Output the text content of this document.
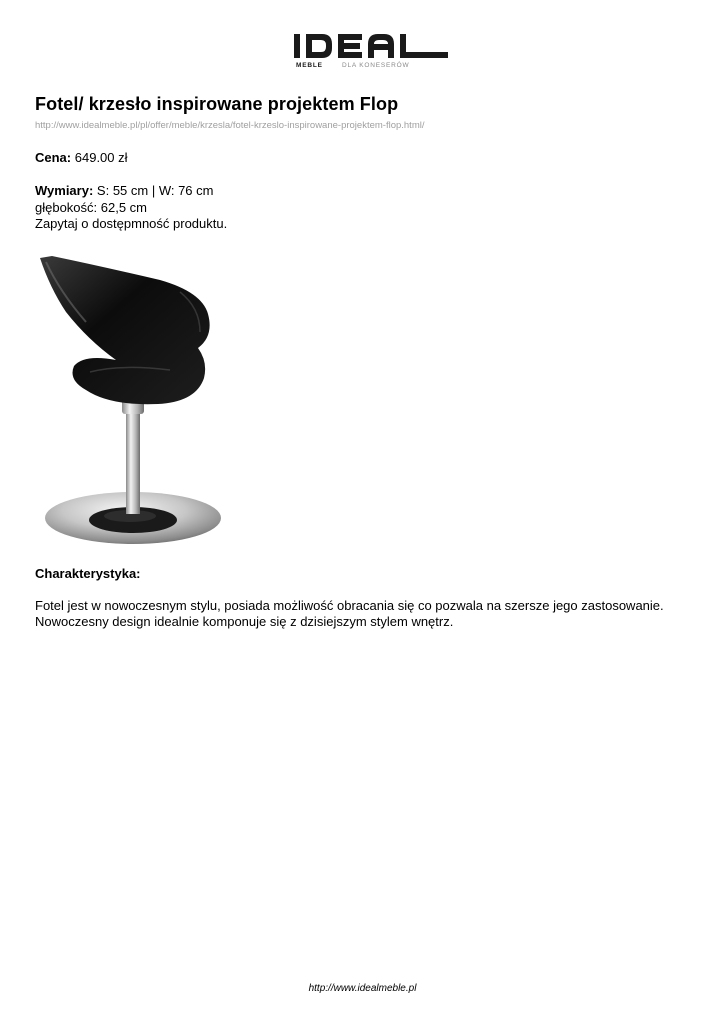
MEBLE	DLA KONESERÓW
Fotel/ krzesło inspirowane projektem Flop
http://www.idealmeble.pl/pl/offer/meble/krzesla/fotel-krzeslo-inspirowane-projektem-flop.html/
Cena: 649.00 zł
Wymiary: S: 55 cm | W: 76 cm
głębokość: 62,5 cm
Zapytaj o dostępmność produktu.
Charakterystyka:
Fotel jest w nowoczesnym stylu, posiada możliwość obracania się co pozwala na szersze jego zastosowanie.
Nowoczesny design idealnie komponuje się z dzisiejszym stylem wnętrz.
http://www.idealmeble.pl
